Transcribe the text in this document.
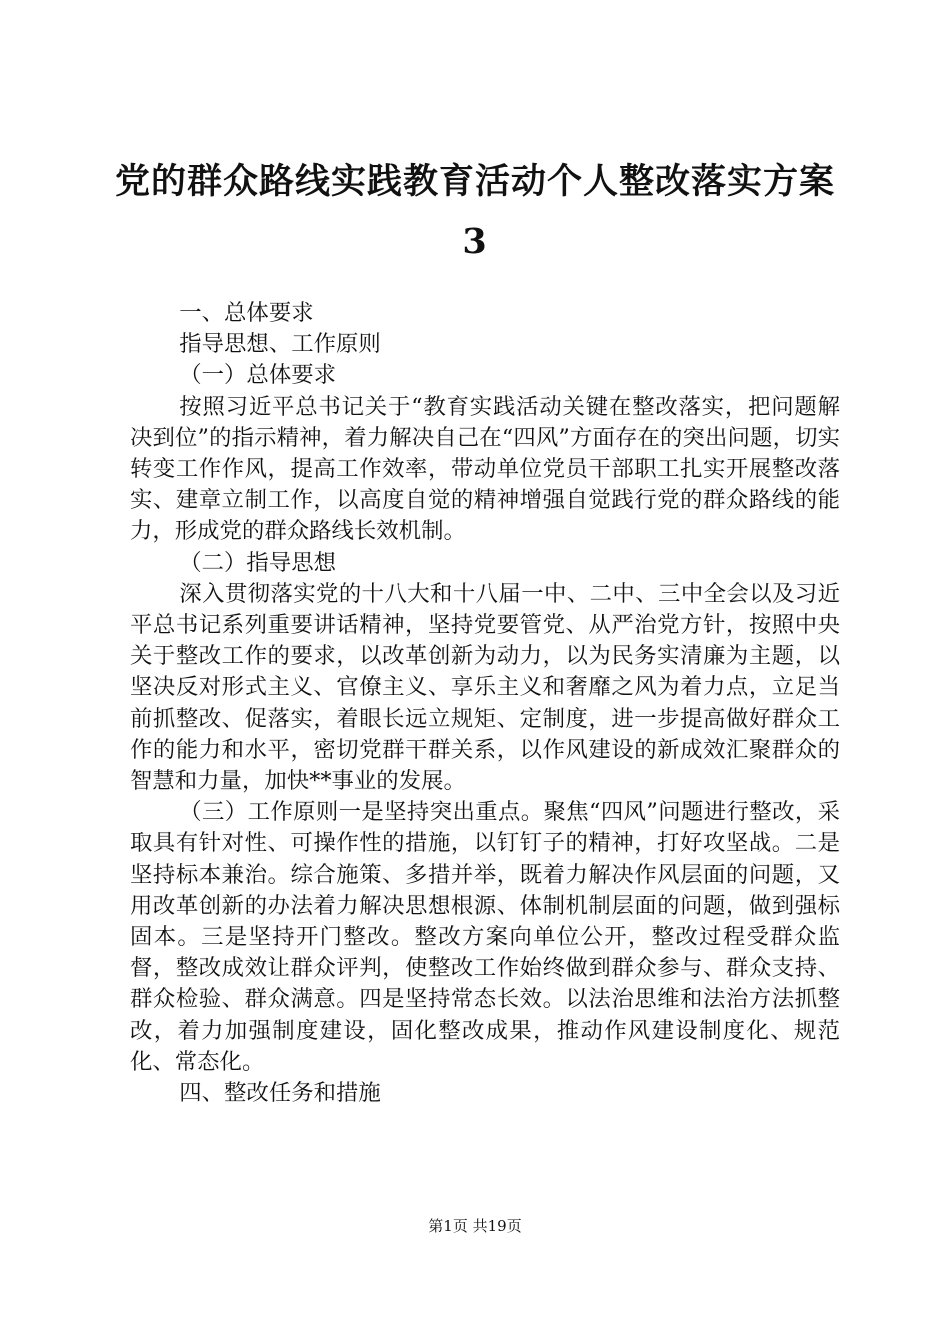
党的群众路线实践教育活动个人整改落实方案
3

一、总体要求

指导思想、工作原则

（一）总体要求

按照习近平总书记关于“教育实践活动关键在整改落实，把问题解决到位”的指示精神，着力解决自己在“四风”方面存在的突出问题，切实转变工作作风，提高工作效率，带动单位党员干部职工扎实开展整改落实、建章立制工作，以高度自觉的精神增强自觉践行党的群众路线的能力，形成党的群众路线长效机制。

（二）指导思想

深入贯彻落实党的十八大和十八届一中、二中、三中全会以及习近平总书记系列重要讲话精神，坚持党要管党、从严治党方针，按照中央关于整改工作的要求，以改革创新为动力，以为民务实清廉为主题，以坚决反对形式主义、官僚主义、享乐主义和奢靡之风为着力点，立足当前抓整改、促落实，着眼长远立规矩、定制度，进一步提高做好群众工作的能力和水平，密切党群干群关系，以作风建设的新成效汇聚群众的智慧和力量，加快**事业的发展。

（三）工作原则一是坚持突出重点。聚焦“四风”问题进行整改，采取具有针对性、可操作性的措施，以钉钉子的精神，打好攻坚战。二是坚持标本兼治。综合施策、多措并举，既着力解决作风层面的问题，又用改革创新的办法着力解决思想根源、体制机制层面的问题，做到强标固本。三是坚持开门整改。整改方案向单位公开，整改过程受群众监督，整改成效让群众评判，使整改工作始终做到群众参与、群众支持、群众检验、群众满意。四是坚持常态长效。以法治思维和法治方法抓整改，着力加强制度建设，固化整改成果，推动作风建设制度化、规范化、常态化。

四、整改任务和措施

第1页 共19页
